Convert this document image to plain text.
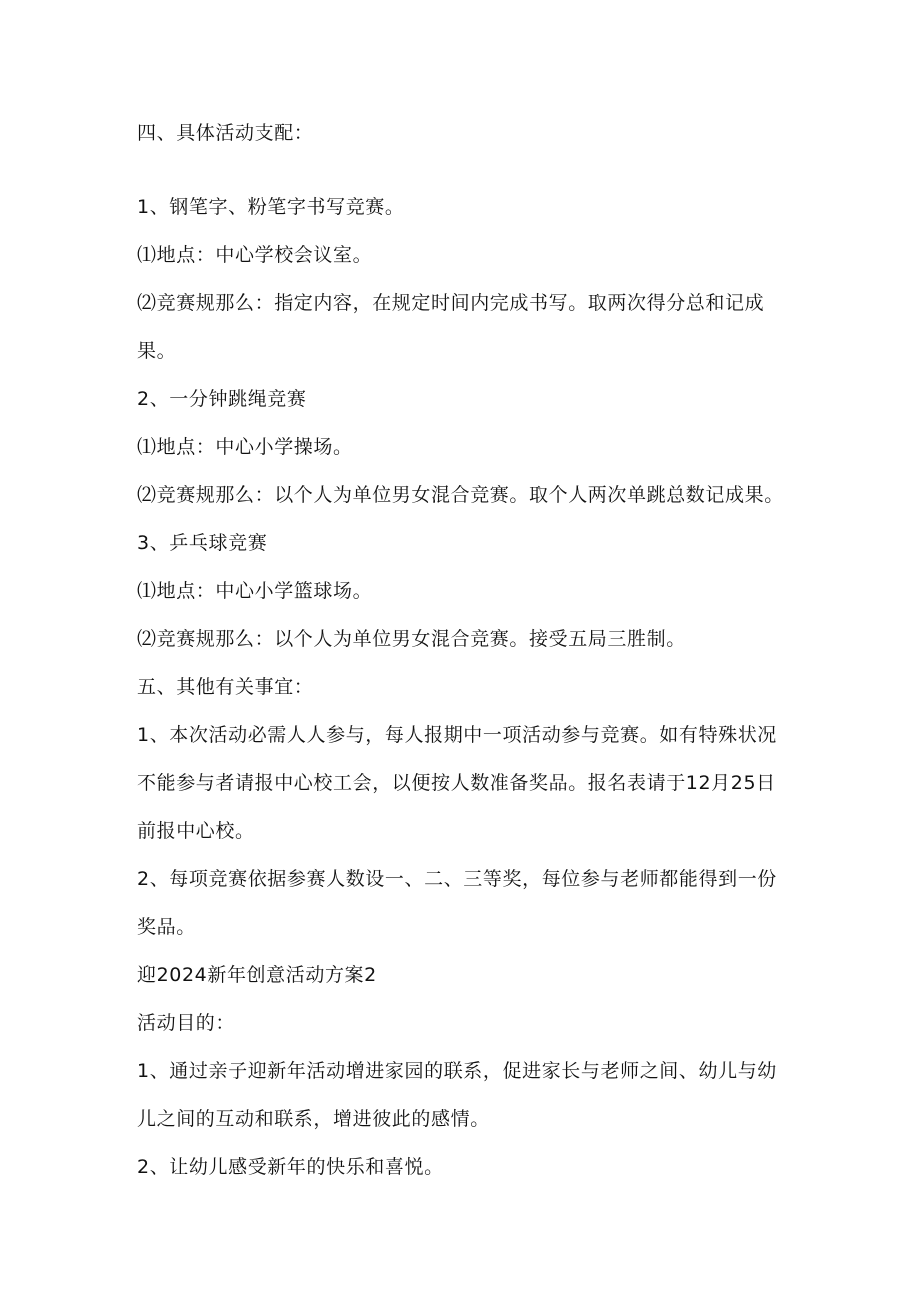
四、具体活动支配：
1、钢笔字、粉笔字书写竞赛。
⑴地点：中心学校会议室。
⑵竞赛规那么：指定内容，在规定时间内完成书写。取两次得分总和记成
果。
2、一分钟跳绳竞赛
⑴地点：中心小学操场。
⑵竞赛规那么：以个人为单位男女混合竞赛。取个人两次单跳总数记成果。
3、乒乓球竞赛
⑴地点：中心小学篮球场。
⑵竞赛规那么：以个人为单位男女混合竞赛。接受五局三胜制。
五、其他有关事宜：
1、本次活动必需人人参与，每人报期中一项活动参与竞赛。如有特殊状况
不能参与者请报中心校工会，以便按人数准备奖品。报名表请于12月25日
前报中心校。
2、每项竞赛依据参赛人数设一、二、三等奖，每位参与老师都能得到一份
奖品。
迎2024新年创意活动方案2
活动目的：
1、通过亲子迎新年活动增进家园的联系，促进家长与老师之间、幼儿与幼
儿之间的互动和联系，增进彼此的感情。
2、让幼儿感受新年的快乐和喜悦。
